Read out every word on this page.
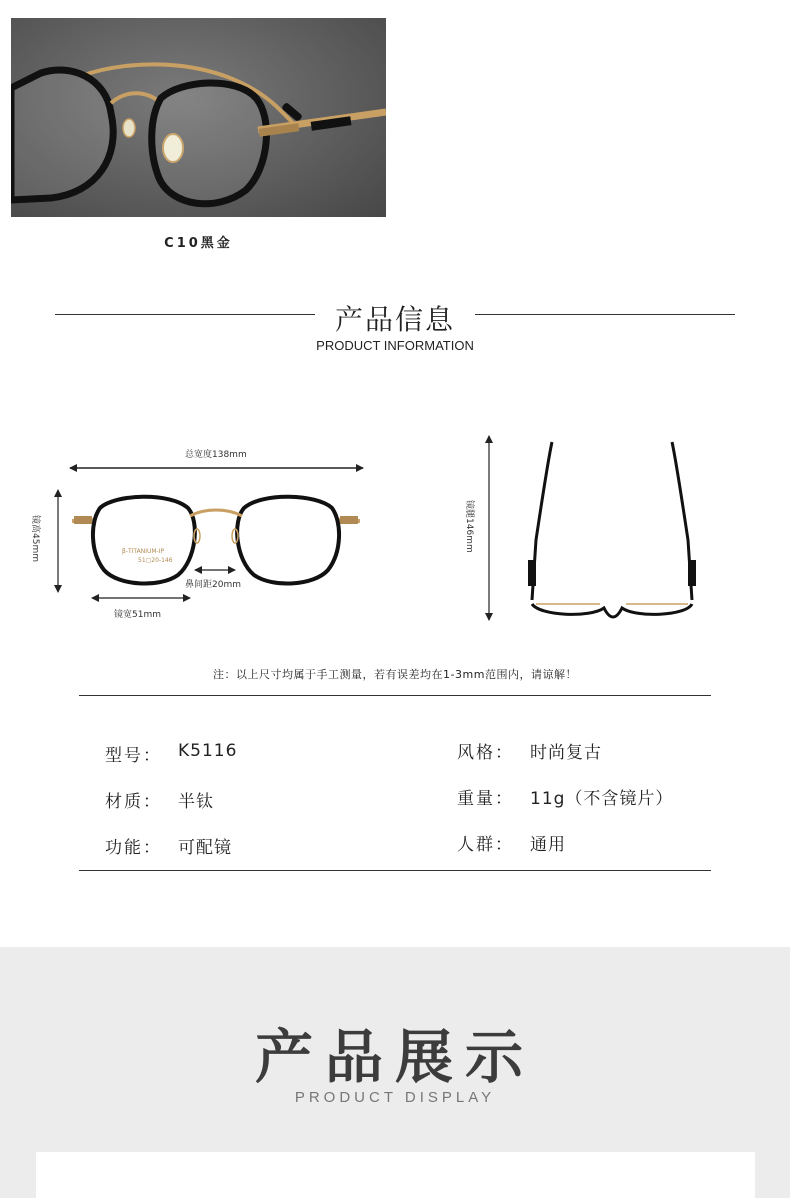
C10黑金
产品信息
PRODUCT INFORMATION
总宽度138mm
镜高45mm
鼻间距20mm
镜宽51mm
镜腿146mm
β-TITANIUM-IP
51▢20-146
注：以上尺寸均属于手工测量，若有误差均在1-3mm范围内，请谅解！
型号： K5116	风格： 时尚复古
材质： 半钛	重量： 11g（不含镜片）
功能： 可配镜	人群： 通用
产品展示
PRODUCT DISPLAY
